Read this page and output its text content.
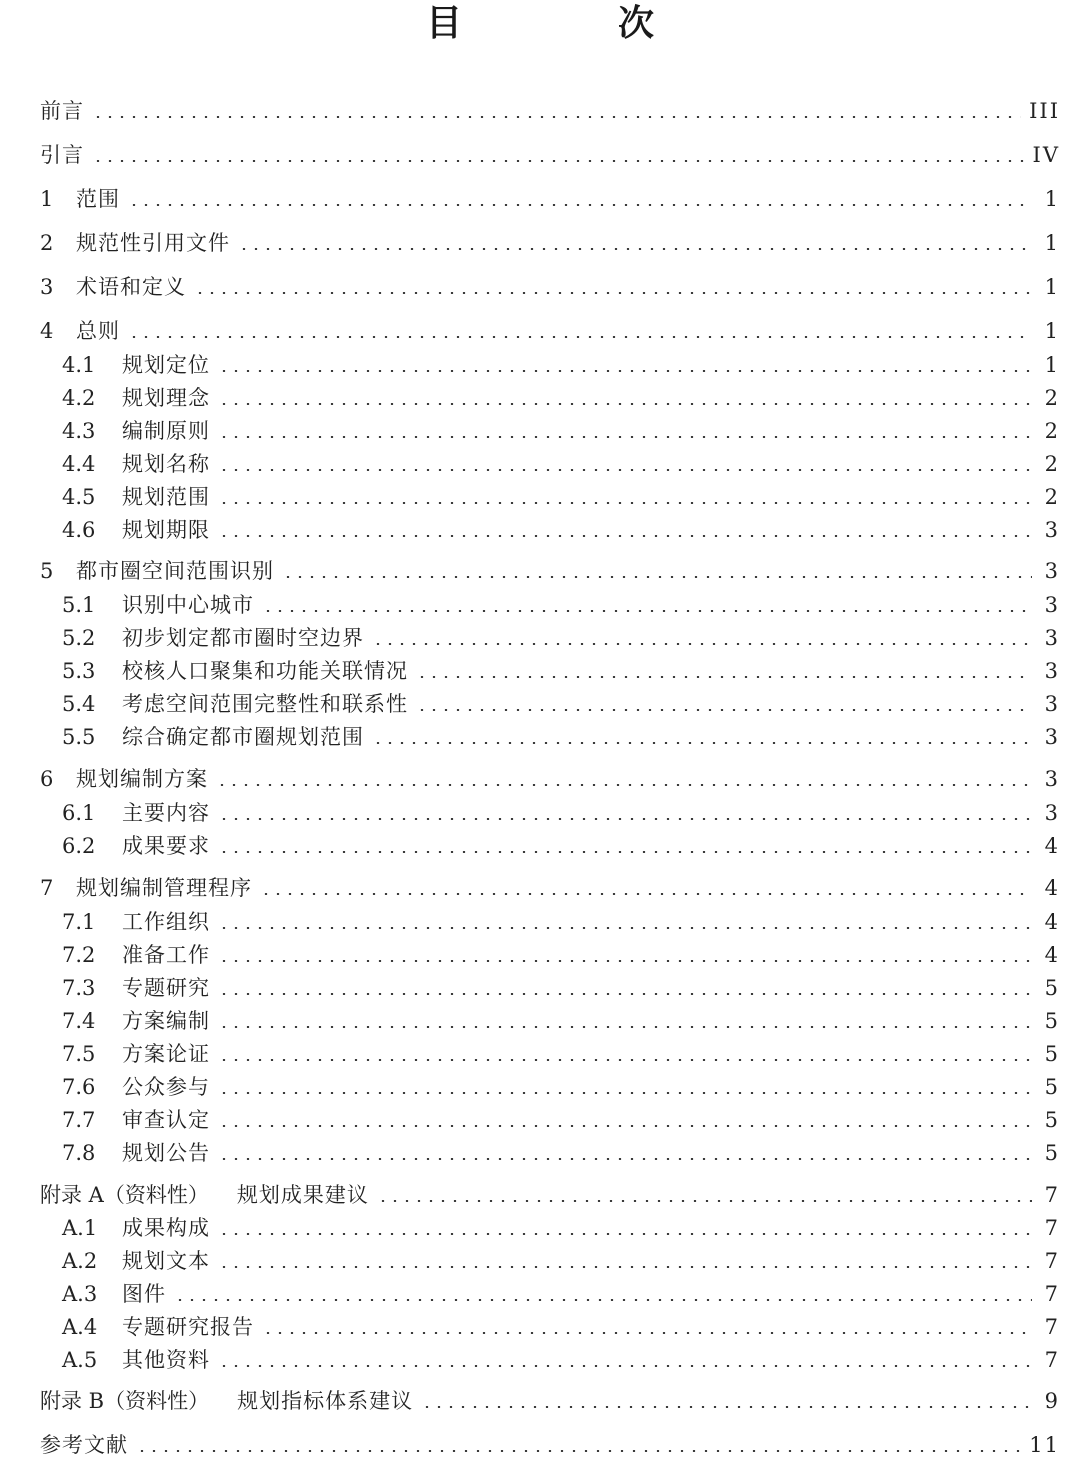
目　次
前言	III
引言	IV
1	范围	1
2	规范性引用文件	1
3	术语和定义	1
4	总则	1
4.1	规划定位	1
4.2	规划理念	2
4.3	编制原则	2
4.4	规划名称	2
4.5	规划范围	2
4.6	规划期限	3
5	都市圈空间范围识别	3
5.1	识别中心城市	3
5.2	初步划定都市圈时空边界	3
5.3	校核人口聚集和功能关联情况	3
5.4	考虑空间范围完整性和联系性	3
5.5	综合确定都市圈规划范围	3
6	规划编制方案	3
6.1	主要内容	3
6.2	成果要求	4
7	规划编制管理程序	4
7.1	工作组织	4
7.2	准备工作	4
7.3	专题研究	5
7.4	方案编制	5
7.5	方案论证	5
7.6	公众参与	5
7.7	审查认定	5
7.8	规划公告	5
附录 A（资料性） 规划成果建议	7
A.1	成果构成	7
A.2	规划文本	7
A.3	图件	7
A.4	专题研究报告	7
A.5	其他资料	7
附录 B（资料性） 规划指标体系建议	9
参考文献	11
